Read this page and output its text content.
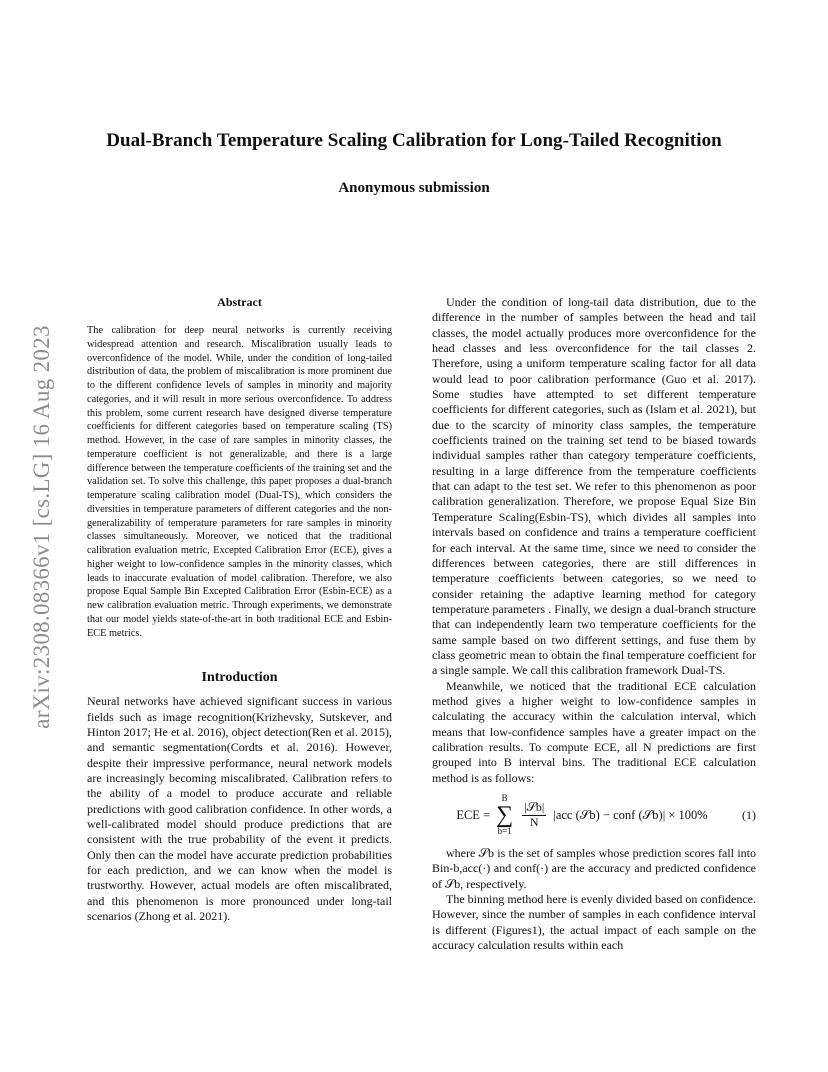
arXiv:2308.08366v1 [cs.LG] 16 Aug 2023
Dual-Branch Temperature Scaling Calibration for Long-Tailed Recognition
Anonymous submission
Abstract

The calibration for deep neural networks is currently receiving widespread attention and research. Miscalibration usually leads to overconfidence of the model. While, under the condition of long-tailed distribution of data, the problem of miscalibration is more prominent due to the different confidence levels of samples in minority and majority categories, and it will result in more serious overconfidence. To address this problem, some current research have designed diverse temperature coefficients for different categories based on temperature scaling (TS) method. However, in the case of rare samples in minority classes, the temperature coefficient is not generalizable, and there is a large difference between the temperature coefficients of the training set and the validation set. To solve this challenge, this paper proposes a dual-branch temperature scaling calibration model (Dual-TS), which considers the diversities in temperature parameters of different categories and the non-generalizability of temperature parameters for rare samples in minority classes simultaneously. Moreover, we noticed that the traditional calibration evaluation metric, Excepted Calibration Error (ECE), gives a higher weight to low-confidence samples in the minority classes, which leads to inaccurate evaluation of model calibration. Therefore, we also propose Equal Sample Bin Excepted Calibration Error (Esbin-ECE) as a new calibration evaluation metric. Through experiments, we demonstrate that our model yields state-of-the-art in both traditional ECE and Esbin-ECE metrics.

Introduction

Neural networks have achieved significant success in various fields such as image recognition(Krizhevsky, Sutskever, and Hinton 2017; He et al. 2016), object detection(Ren et al. 2015), and semantic segmentation(Cordts et al. 2016). However, despite their impressive performance, neural network models are increasingly becoming miscalibrated. Calibration refers to the ability of a model to produce accurate and reliable predictions with good calibration confidence. In other words, a well-calibrated model should produce predictions that are consistent with the true probability of the event it predicts. Only then can the model have accurate prediction probabilities for each prediction, and we can know when the model is trustworthy. However, actual models are often miscalibrated, and this phenomenon is more pronounced under long-tail scenarios (Zhong et al. 2021).

Under the condition of long-tail data distribution, due to the difference in the number of samples between the head and tail classes, the model actually produces more overconfidence for the head classes and less overconfidence for the tail classes 2. Therefore, using a uniform temperature scaling factor for all data would lead to poor calibration performance (Guo et al. 2017). Some studies have attempted to set different temperature coefficients for different categories, such as (Islam et al. 2021), but due to the scarcity of minority class samples, the temperature coefficients trained on the training set tend to be biased towards individual samples rather than category temperature coefficients, resulting in a large difference from the temperature coefficients that can adapt to the test set. We refer to this phenomenon as poor calibration generalization. Therefore, we propose Equal Size Bin Temperature Scaling(Esbin-TS), which divides all samples into intervals based on confidence and trains a temperature coefficient for each interval. At the same time, since we need to consider the differences between categories, there are still differences in temperature coefficients between categories, so we need to consider retaining the adaptive learning method for category temperature parameters . Finally, we design a dual-branch structure that can independently learn two temperature coefficients for the same sample based on two different settings, and fuse them by class geometric mean to obtain the final temperature coefficient for a single sample. We call this calibration framework Dual-TS.

Meanwhile, we noticed that the traditional ECE calculation method gives a higher weight to low-confidence samples in calculating the accuracy within the calculation interval, which means that low-confidence samples have a greater impact on the calibration results. To compute ECE, all N predictions are first grouped into B interval bins. The traditional ECE calculation method is as follows:

ECE =
B
∑
b=1
$\frac{\text{|𝒮b|}}{N} |acc$ (𝒮b) − conf (𝒮b)| × 100%	(1)

where 𝒮b is the set of samples whose prediction scores fall into Bin-b,acc(·) and conf(·) are the accuracy and predicted confidence of 𝒮b, respectively.

The binning method here is evenly divided based on confidence. However, since the number of samples in each confidence interval is different (Figures1), the actual impact of each sample on the accuracy calculation results within each
